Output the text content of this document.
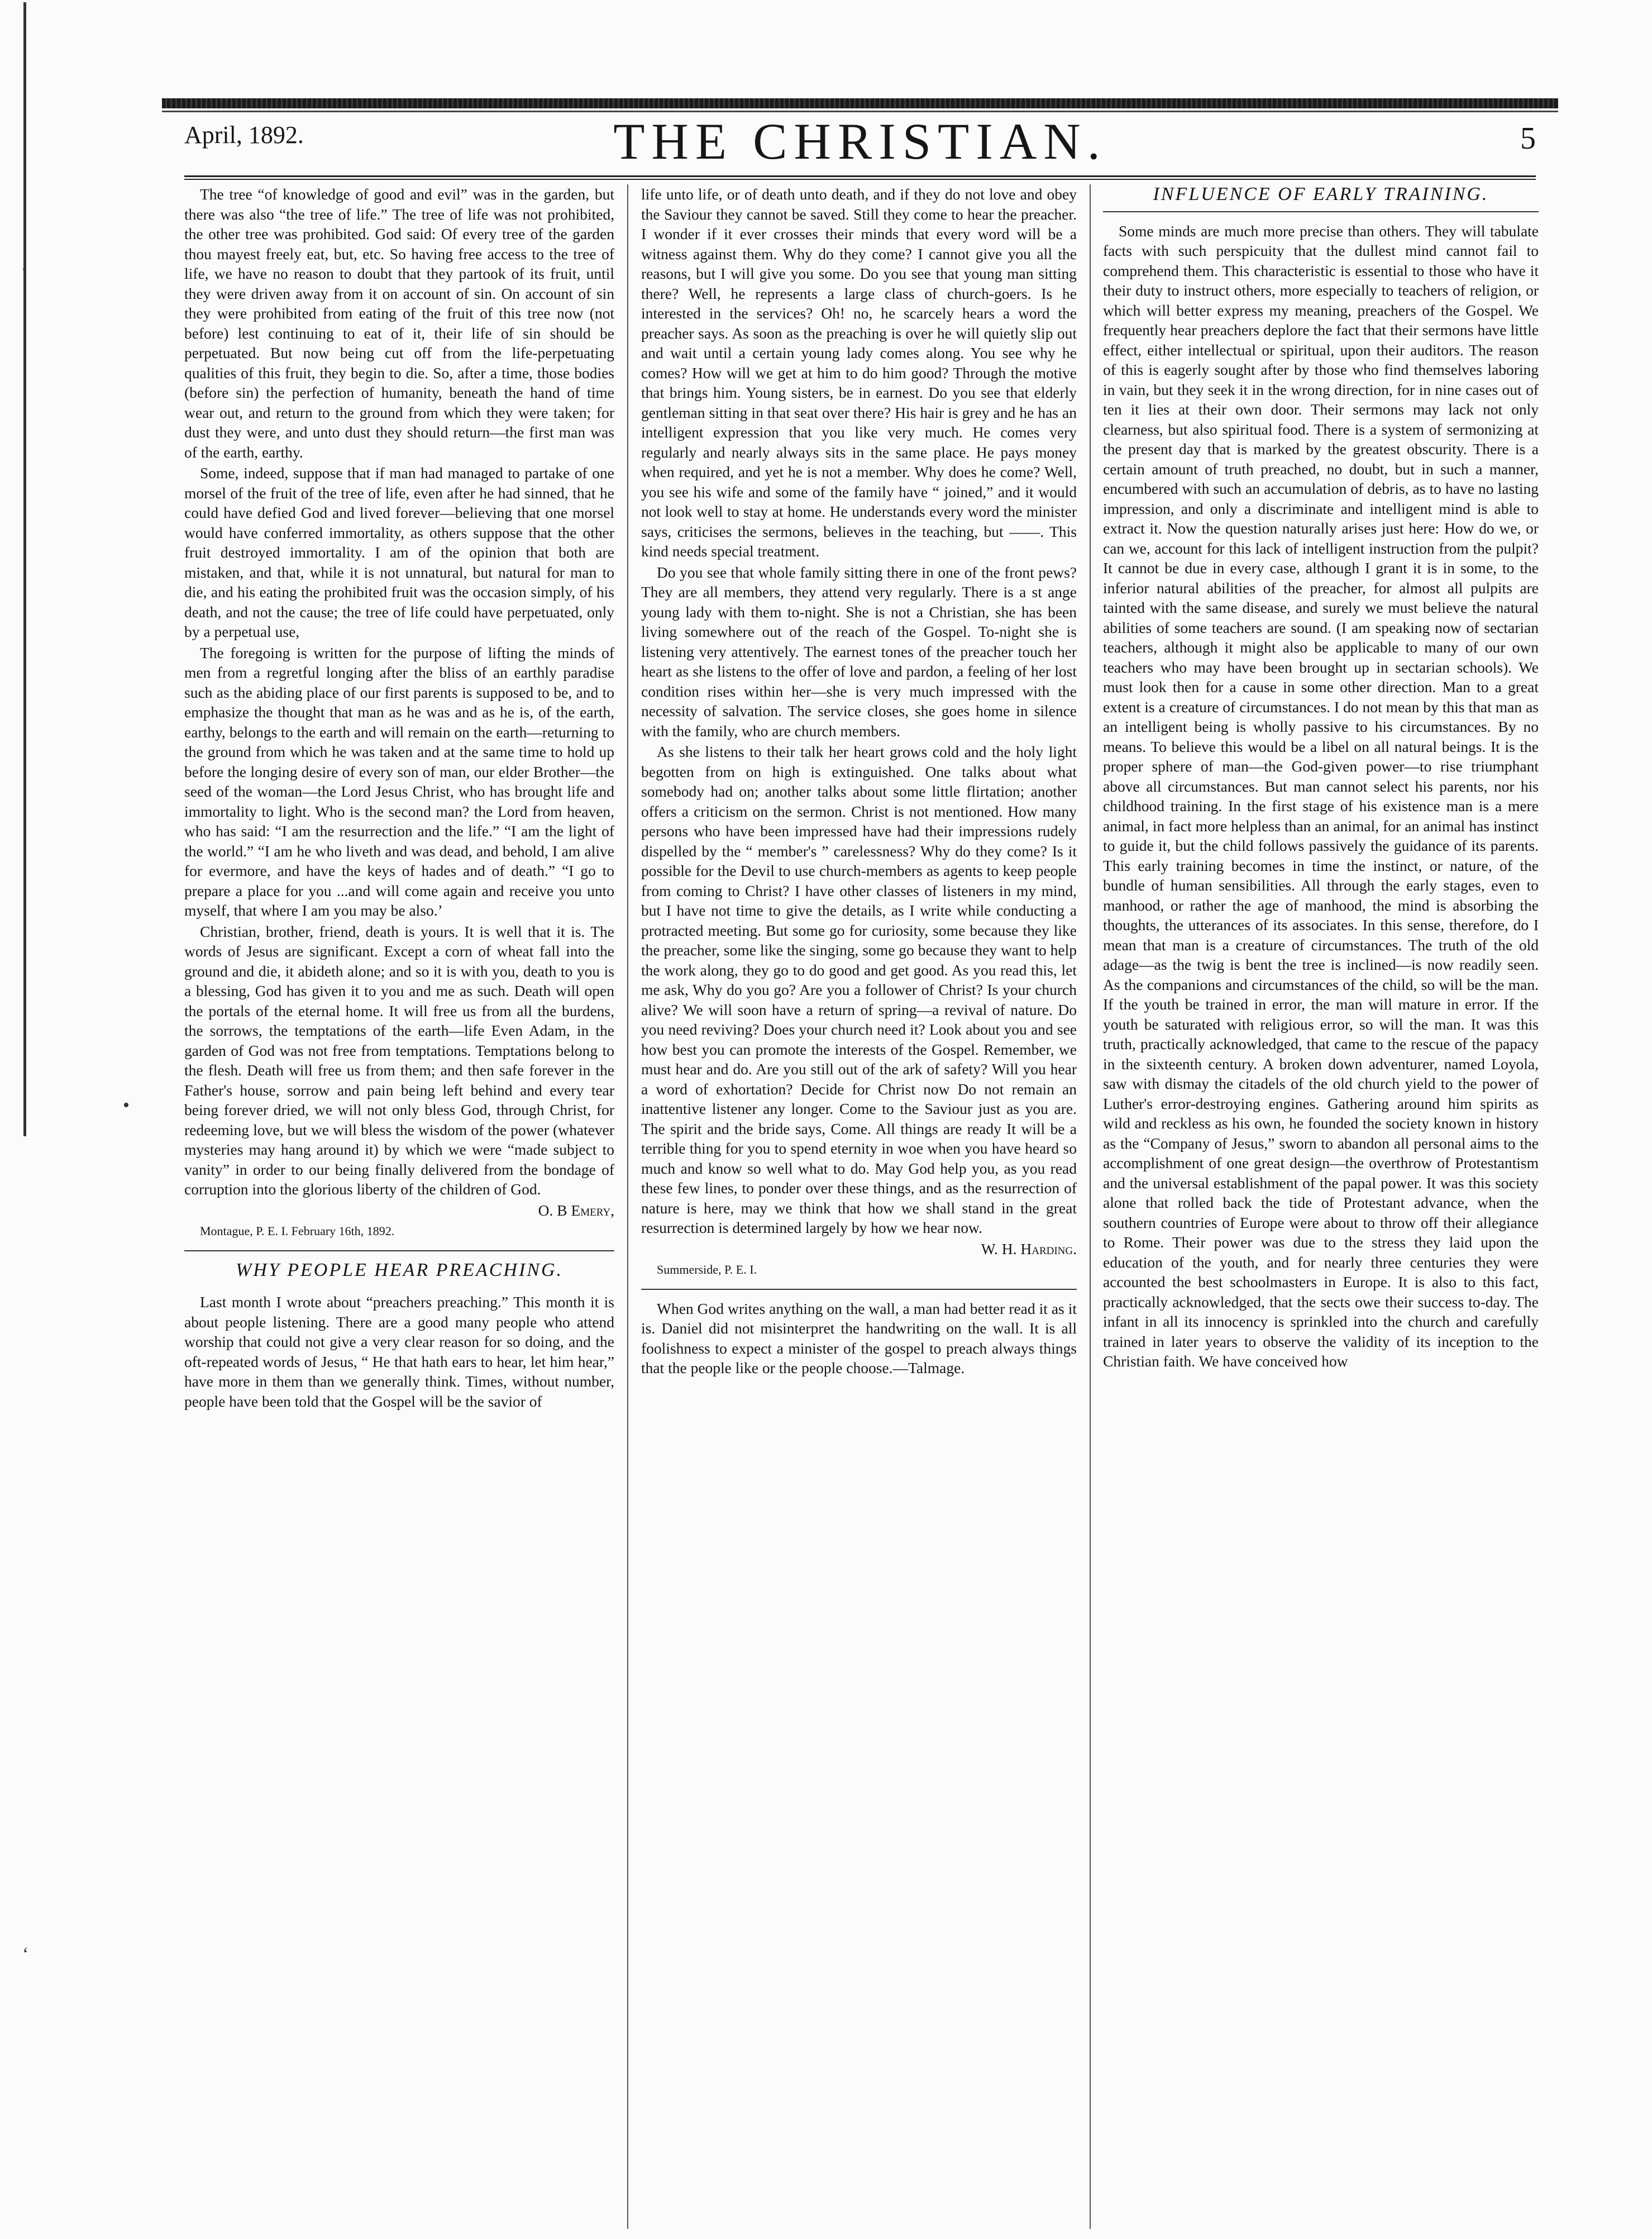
‘
•
‘
April, 1892.	THE CHRISTIAN.	5

The tree “of knowledge of good and evil” was in the garden, but there was also “the tree of life.” The tree of life was not prohibited, the other tree was prohibited. God said: Of every tree of the garden thou mayest freely eat, but, etc. So having free access to the tree of life, we have no reason to doubt that they partook of its fruit, until they were driven away from it on account of sin. On account of sin they were prohibited from eating of the fruit of this tree now (not before) lest continuing to eat of it, their life of sin should be perpetuated. But now being cut off from the life-perpetuating qualities of this fruit, they begin to die. So, after a time, those bodies (before sin) the perfection of humanity, beneath the hand of time wear out, and return to the ground from which they were taken; for dust they were, and unto dust they should return—the first man was of the earth, earthy.

Some, indeed, suppose that if man had managed to partake of one morsel of the fruit of the tree of life, even after he had sinned, that he could have defied God and lived forever—believing that one morsel would have conferred immortality, as others suppose that the other fruit destroyed immortality. I am of the opinion that both are mistaken, and that, while it is not unnatural, but natural for man to die, and his eating the prohibited fruit was the occasion simply, of his death, and not the cause; the tree of life could have perpetuated, only by a perpetual use,

The foregoing is written for the purpose of lifting the minds of men from a regretful longing after the bliss of an earthly paradise such as the abiding place of our first parents is supposed to be, and to emphasize the thought that man as he was and as he is, of the earth, earthy, belongs to the earth and will remain on the earth—returning to the ground from which he was taken and at the same time to hold up before the longing desire of every son of man, our elder Brother—the seed of the woman—the Lord Jesus Christ, who has brought life and immortality to light. Who is the second man? the Lord from heaven, who has said: “I am the resurrection and the life.” “I am the light of the world.” “I am he who liveth and was dead, and behold, I am alive for evermore, and have the keys of hades and of death.” “I go to prepare a place for you ...and will come again and receive you unto myself, that where I am you may be also.’

Christian, brother, friend, death is yours. It is well that it is. The words of Jesus are significant. Except a corn of wheat fall into the ground and die, it abideth alone; and so it is with you, death to you is a blessing, God has given it to you and me as such. Death will open the portals of the eternal home. It will free us from all the burdens, the sorrows, the temptations of the earth—life Even Adam, in the garden of God was not free from temptations. Temptations belong to the flesh. Death will free us from them; and then safe forever in the Father's house, sorrow and pain being left behind and every tear being forever dried, we will not only bless God, through Christ, for redeeming love, but we will bless the wisdom of the power (whatever mysteries may hang around it) by which we were “made subject to vanity” in order to our being finally delivered from the bondage of corruption into the glorious liberty of the children of God.

O. B Emery,

Montague, P. E. I. February 16th, 1892.

WHY PEOPLE HEAR PREACHING.

Last month I wrote about “preachers preaching.” This month it is about people listening. There are a good many people who attend worship that could not give a very clear reason for so doing, and the oft-repeated words of Jesus, “ He that hath ears to hear, let him hear,” have more in them than we generally think. Times, without number, people have been told that the Gospel will be the savior of

life unto life, or of death unto death, and if they do not love and obey the Saviour they cannot be saved. Still they come to hear the preacher. I wonder if it ever crosses their minds that every word will be a witness against them. Why do they come? I cannot give you all the reasons, but I will give you some. Do you see that young man sitting there? Well, he represents a large class of church-goers. Is he interested in the services? Oh! no, he scarcely hears a word the preacher says. As soon as the preaching is over he will quietly slip out and wait until a certain young lady comes along. You see why he comes? How will we get at him to do him good? Through the motive that brings him. Young sisters, be in earnest. Do you see that elderly gentleman sitting in that seat over there? His hair is grey and he has an intelligent expression that you like very much. He comes very regularly and nearly always sits in the same place. He pays money when required, and yet he is not a member. Why does he come? Well, you see his wife and some of the family have “ joined,” and it would not look well to stay at home. He understands every word the minister says, criticises the sermons, believes in the teaching, but ——. This kind needs special treatment.

Do you see that whole family sitting there in one of the front pews? They are all members, they attend very regularly. There is a st ange young lady with them to-night. She is not a Christian, she has been living somewhere out of the reach of the Gospel. To-night she is listening very attentively. The earnest tones of the preacher touch her heart as she listens to the offer of love and pardon, a feeling of her lost condition rises within her—she is very much impressed with the necessity of salvation. The service closes, she goes home in silence with the family, who are church members.

As she listens to their talk her heart grows cold and the holy light begotten from on high is extinguished. One talks about what somebody had on; another talks about some little flirtation; another offers a criticism on the sermon. Christ is not mentioned. How many persons who have been impressed have had their impressions rudely dispelled by the “ member's ” carelessness? Why do they come? Is it possible for the Devil to use church-members as agents to keep people from coming to Christ? I have other classes of listeners in my mind, but I have not time to give the details, as I write while conducting a protracted meeting. But some go for curiosity, some because they like the preacher, some like the singing, some go because they want to help the work along, they go to do good and get good. As you read this, let me ask, Why do you go? Are you a follower of Christ? Is your church alive? We will soon have a return of spring—a revival of nature. Do you need reviving? Does your church need it? Look about you and see how best you can promote the interests of the Gospel. Remember, we must hear and do. Are you still out of the ark of safety? Will you hear a word of exhortation? Decide for Christ now Do not remain an inattentive listener any longer. Come to the Saviour just as you are. The spirit and the bride says, Come. All things are ready It will be a terrible thing for you to spend eternity in woe when you have heard so much and know so well what to do. May God help you, as you read these few lines, to ponder over these things, and as the resurrection of nature is here, may we think that how we shall stand in the great resurrection is determined largely by how we hear now.

W. H. Harding.

Summerside, P. E. I.

When God writes anything on the wall, a man had better read it as it is. Daniel did not misinterpret the handwriting on the wall. It is all foolishness to expect a minister of the gospel to preach always things that the people like or the people choose.—Talmage.

INFLUENCE OF EARLY TRAINING.

Some minds are much more precise than others. They will tabulate facts with such perspicuity that the dullest mind cannot fail to comprehend them. This characteristic is essential to those who have it their duty to instruct others, more especially to teachers of religion, or which will better express my meaning, preachers of the Gospel. We frequently hear preachers deplore the fact that their sermons have little effect, either intellectual or spiritual, upon their auditors. The reason of this is eagerly sought after by those who find themselves laboring in vain, but they seek it in the wrong direction, for in nine cases out of ten it lies at their own door. Their sermons may lack not only clearness, but also spiritual food. There is a system of sermonizing at the present day that is marked by the greatest obscurity. There is a certain amount of truth preached, no doubt, but in such a manner, encumbered with such an accumulation of debris, as to have no lasting impression, and only a discriminate and intelligent mind is able to extract it. Now the question naturally arises just here: How do we, or can we, account for this lack of intelligent instruction from the pulpit? It cannot be due in every case, although I grant it is in some, to the inferior natural abilities of the preacher, for almost all pulpits are tainted with the same disease, and surely we must believe the natural abilities of some teachers are sound. (I am speaking now of sectarian teachers, although it might also be applicable to many of our own teachers who may have been brought up in sectarian schools). We must look then for a cause in some other direction. Man to a great extent is a creature of circumstances. I do not mean by this that man as an intelligent being is wholly passive to his circumstances. By no means. To believe this would be a libel on all natural beings. It is the proper sphere of man—the God-given power—to rise triumphant above all circumstances. But man cannot select his parents, nor his childhood training. In the first stage of his existence man is a mere animal, in fact more helpless than an animal, for an animal has instinct to guide it, but the child follows passively the guidance of its parents. This early training becomes in time the instinct, or nature, of the bundle of human sensibilities. All through the early stages, even to manhood, or rather the age of manhood, the mind is absorbing the thoughts, the utterances of its associates. In this sense, therefore, do I mean that man is a creature of circumstances. The truth of the old adage—as the twig is bent the tree is inclined—is now readily seen. As the companions and circumstances of the child, so will be the man. If the youth be trained in error, the man will mature in error. If the youth be saturated with religious error, so will the man. It was this truth, practically acknowledged, that came to the rescue of the papacy in the sixteenth century. A broken down adventurer, named Loyola, saw with dismay the citadels of the old church yield to the power of Luther's error-destroying engines. Gathering around him spirits as wild and reckless as his own, he founded the society known in history as the “Company of Jesus,” sworn to abandon all personal aims to the accomplishment of one great design—the overthrow of Protestantism and the universal establishment of the papal power. It was this society alone that rolled back the tide of Protestant advance, when the southern countries of Europe were about to throw off their allegiance to Rome. Their power was due to the stress they laid upon the education of the youth, and for nearly three centuries they were accounted the best schoolmasters in Europe. It is also to this fact, practically acknowledged, that the sects owe their success to-day. The infant in all its innocency is sprinkled into the church and carefully trained in later years to observe the validity of its inception to the Christian faith. We have conceived how
